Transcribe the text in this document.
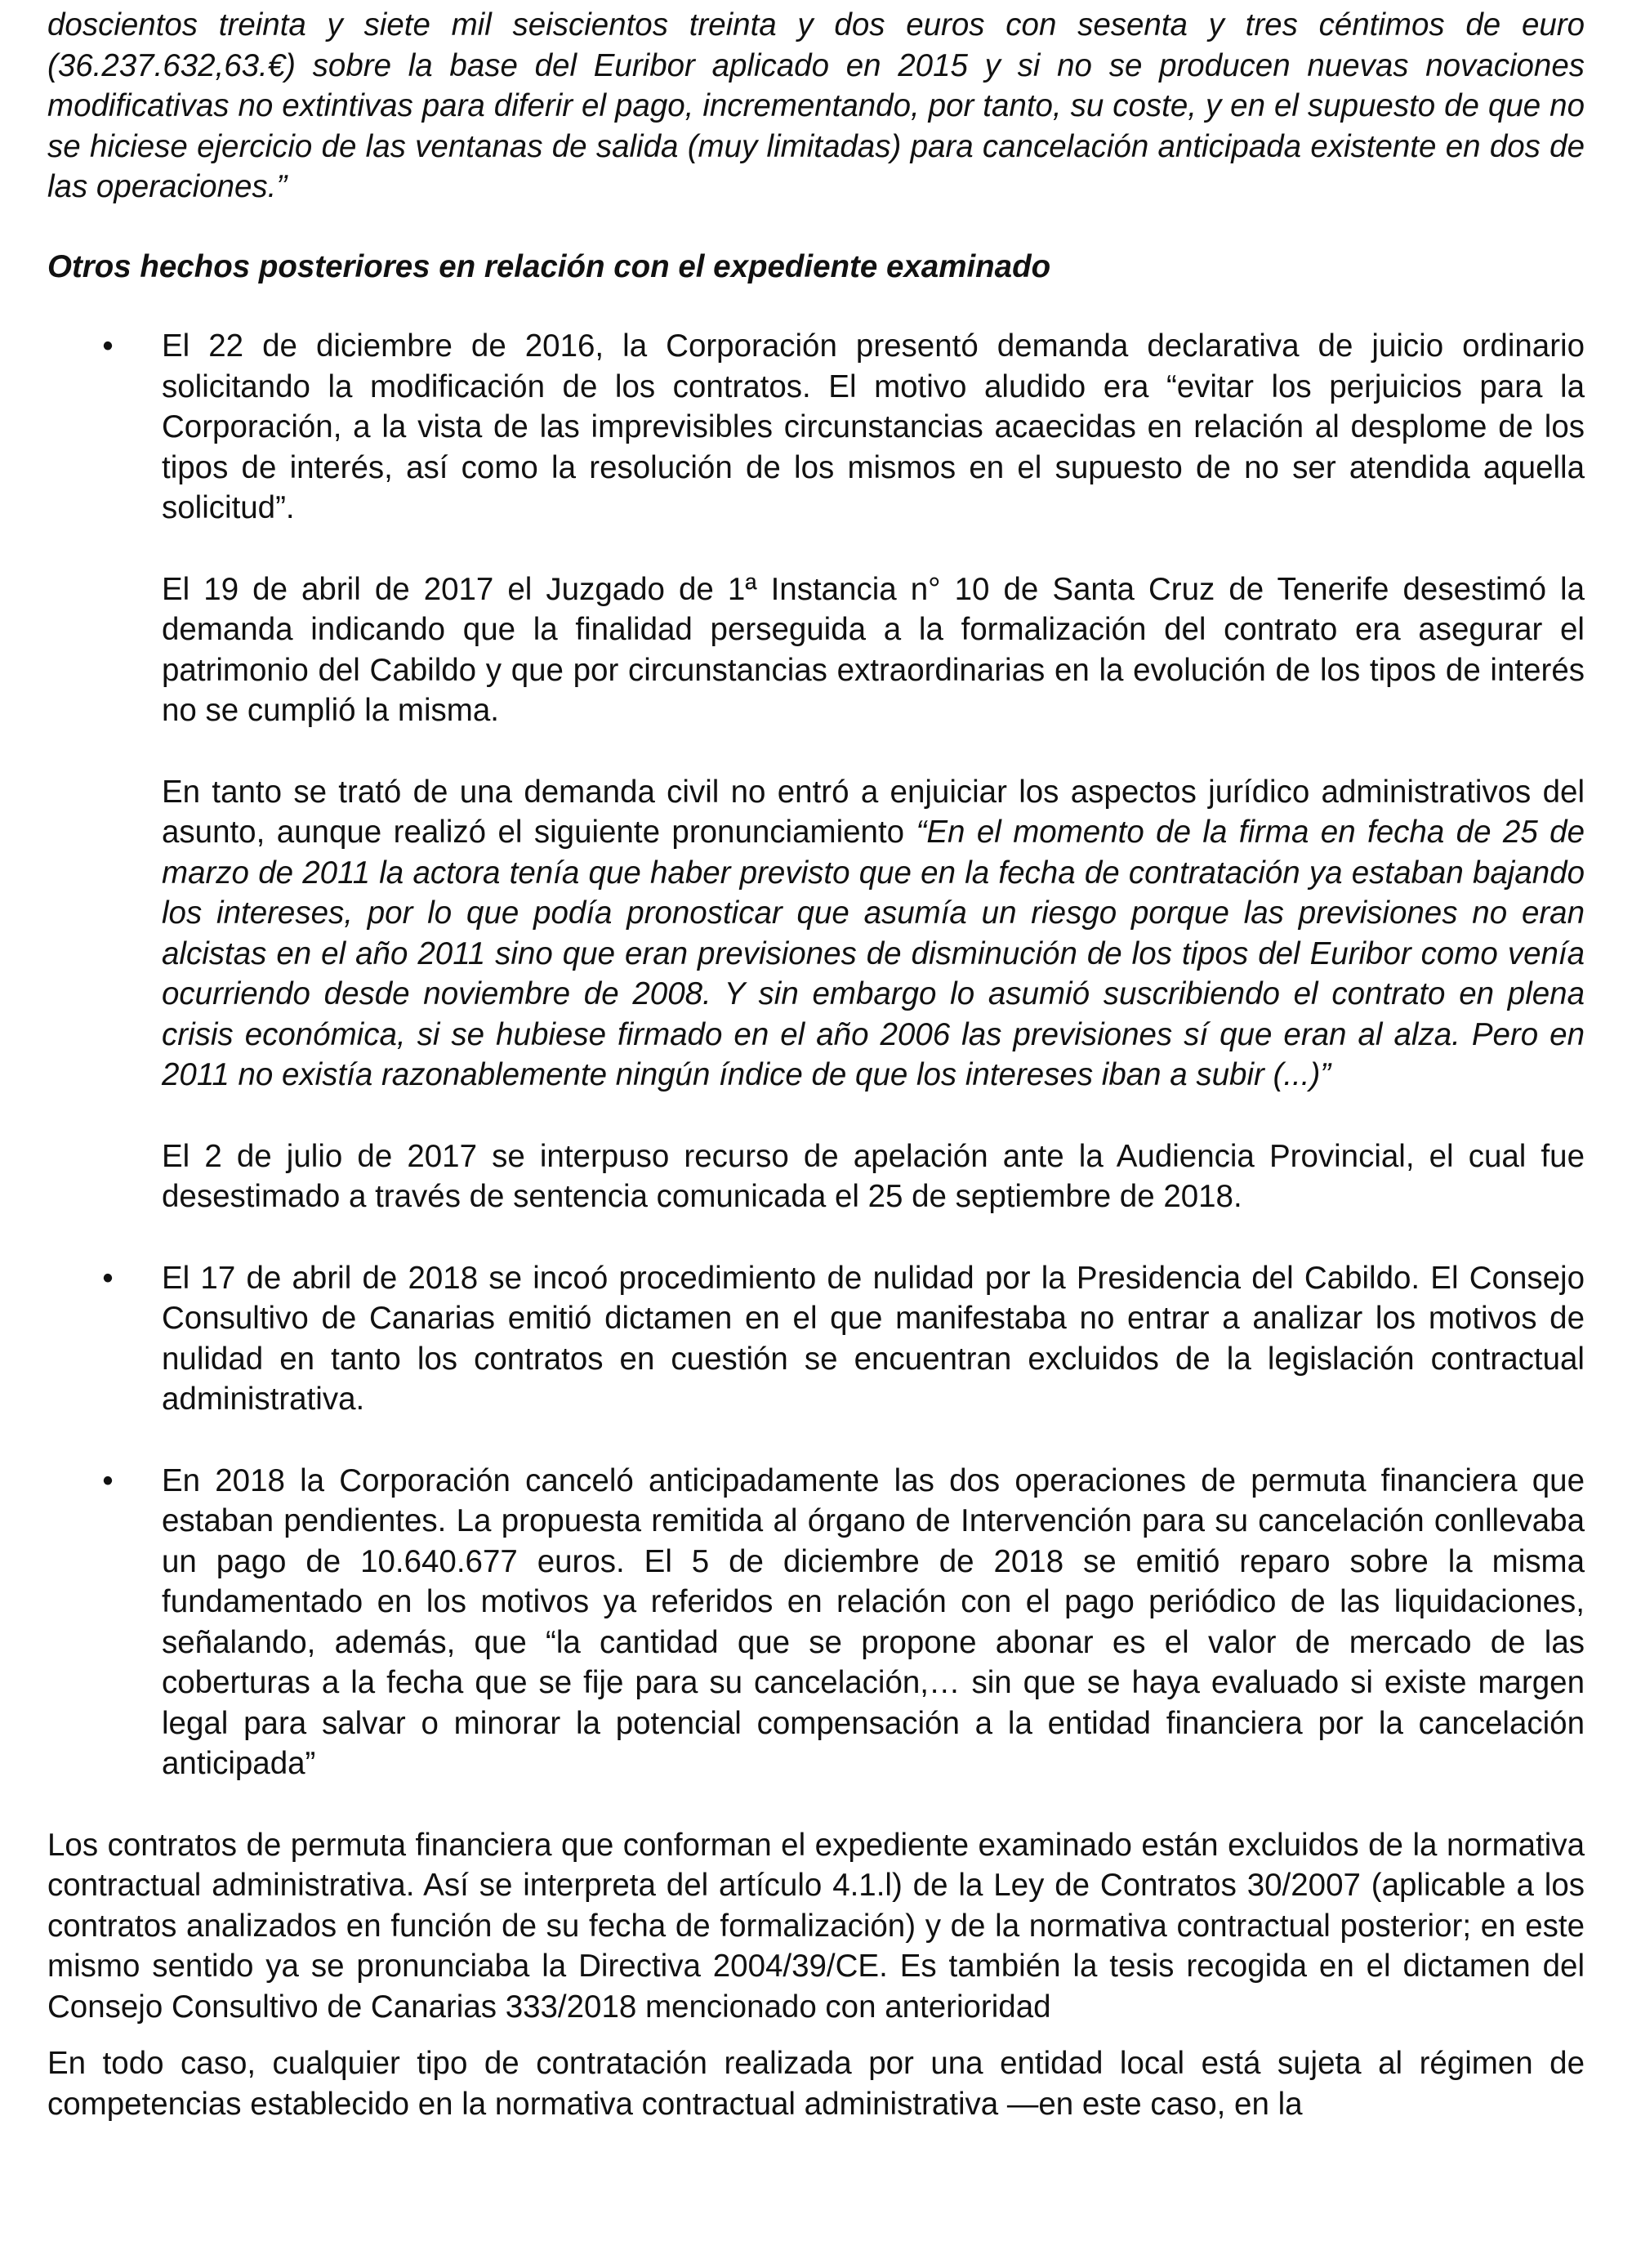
doscientos treinta y siete mil seiscientos treinta y dos euros con sesenta y tres céntimos de euro (36.237.632,63.€) sobre la base del Euribor aplicado en 2015 y si no se producen nuevas novaciones modificativas no extintivas para diferir el pago, incrementando, por tanto, su coste, y en el supuesto de que no se hiciese ejercicio de las ventanas de salida (muy limitadas) para cancelación anticipada existente en dos de las operaciones.”

Otros hechos posteriores en relación con el expediente examinado

• El 22 de diciembre de 2016, la Corporación presentó demanda declarativa de juicio ordinario solicitando la modificación de los contratos. El motivo aludido era “evitar los perjuicios para la Corporación, a la vista de las imprevisibles circunstancias acaecidas en relación al desplome de los tipos de interés, así como la resolución de los mismos en el supuesto de no ser atendida aquella solicitud”.

El 19 de abril de 2017 el Juzgado de 1ª Instancia n° 10 de Santa Cruz de Tenerife desestimó la demanda indicando que la finalidad perseguida a la formalización del contrato era asegurar el patrimonio del Cabildo y que por circunstancias extraordinarias en la evolución de los tipos de interés no se cumplió la misma.

En tanto se trató de una demanda civil no entró a enjuiciar los aspectos jurídico administrativos del asunto, aunque realizó el siguiente pronunciamiento “En el momento de la firma en fecha de 25 de marzo de 2011 la actora tenía que haber previsto que en la fecha de contratación ya estaban bajando los intereses, por lo que podía pronosticar que asumía un riesgo porque las previsiones no eran alcistas en el año 2011 sino que eran previsiones de disminución de los tipos del Euribor como venía ocurriendo desde noviembre de 2008. Y sin embargo lo asumió suscribiendo el contrato en plena crisis económica, si se hubiese firmado en el año 2006 las previsiones sí que eran al alza. Pero en 2011 no existía razonablemente ningún índice de que los intereses iban a subir (...)”

El 2 de julio de 2017 se interpuso recurso de apelación ante la Audiencia Provincial, el cual fue desestimado a través de sentencia comunicada el 25 de septiembre de 2018.

• El 17 de abril de 2018 se incoó procedimiento de nulidad por la Presidencia del Cabildo. El Consejo Consultivo de Canarias emitió dictamen en el que manifestaba no entrar a analizar los motivos de nulidad en tanto los contratos en cuestión se encuentran excluidos de la legislación contractual administrativa.

• En 2018 la Corporación canceló anticipadamente las dos operaciones de permuta financiera que estaban pendientes. La propuesta remitida al órgano de Intervención para su cancelación conllevaba un pago de 10.640.677 euros. El 5 de diciembre de 2018 se emitió reparo sobre la misma fundamentado en los motivos ya referidos en relación con el pago periódico de las liquidaciones, señalando, además, que “la cantidad que se propone abonar es el valor de mercado de las coberturas a la fecha que se fije para su cancelación,… sin que se haya evaluado si existe margen legal para salvar o minorar la potencial compensación a la entidad financiera por la cancelación anticipada”

Los contratos de permuta financiera que conforman el expediente examinado están excluidos de la normativa contractual administrativa. Así se interpreta del artículo 4.1.l) de la Ley de Contratos 30/2007 (aplicable a los contratos analizados en función de su fecha de formalización) y de la normativa contractual posterior; en este mismo sentido ya se pronunciaba la Directiva 2004/39/CE. Es también la tesis recogida en el dictamen del Consejo Consultivo de Canarias 333/2018 mencionado con anterioridad

En todo caso, cualquier tipo de contratación realizada por una entidad local está sujeta al régimen de competencias establecido en la normativa contractual administrativa —en este caso, en la
